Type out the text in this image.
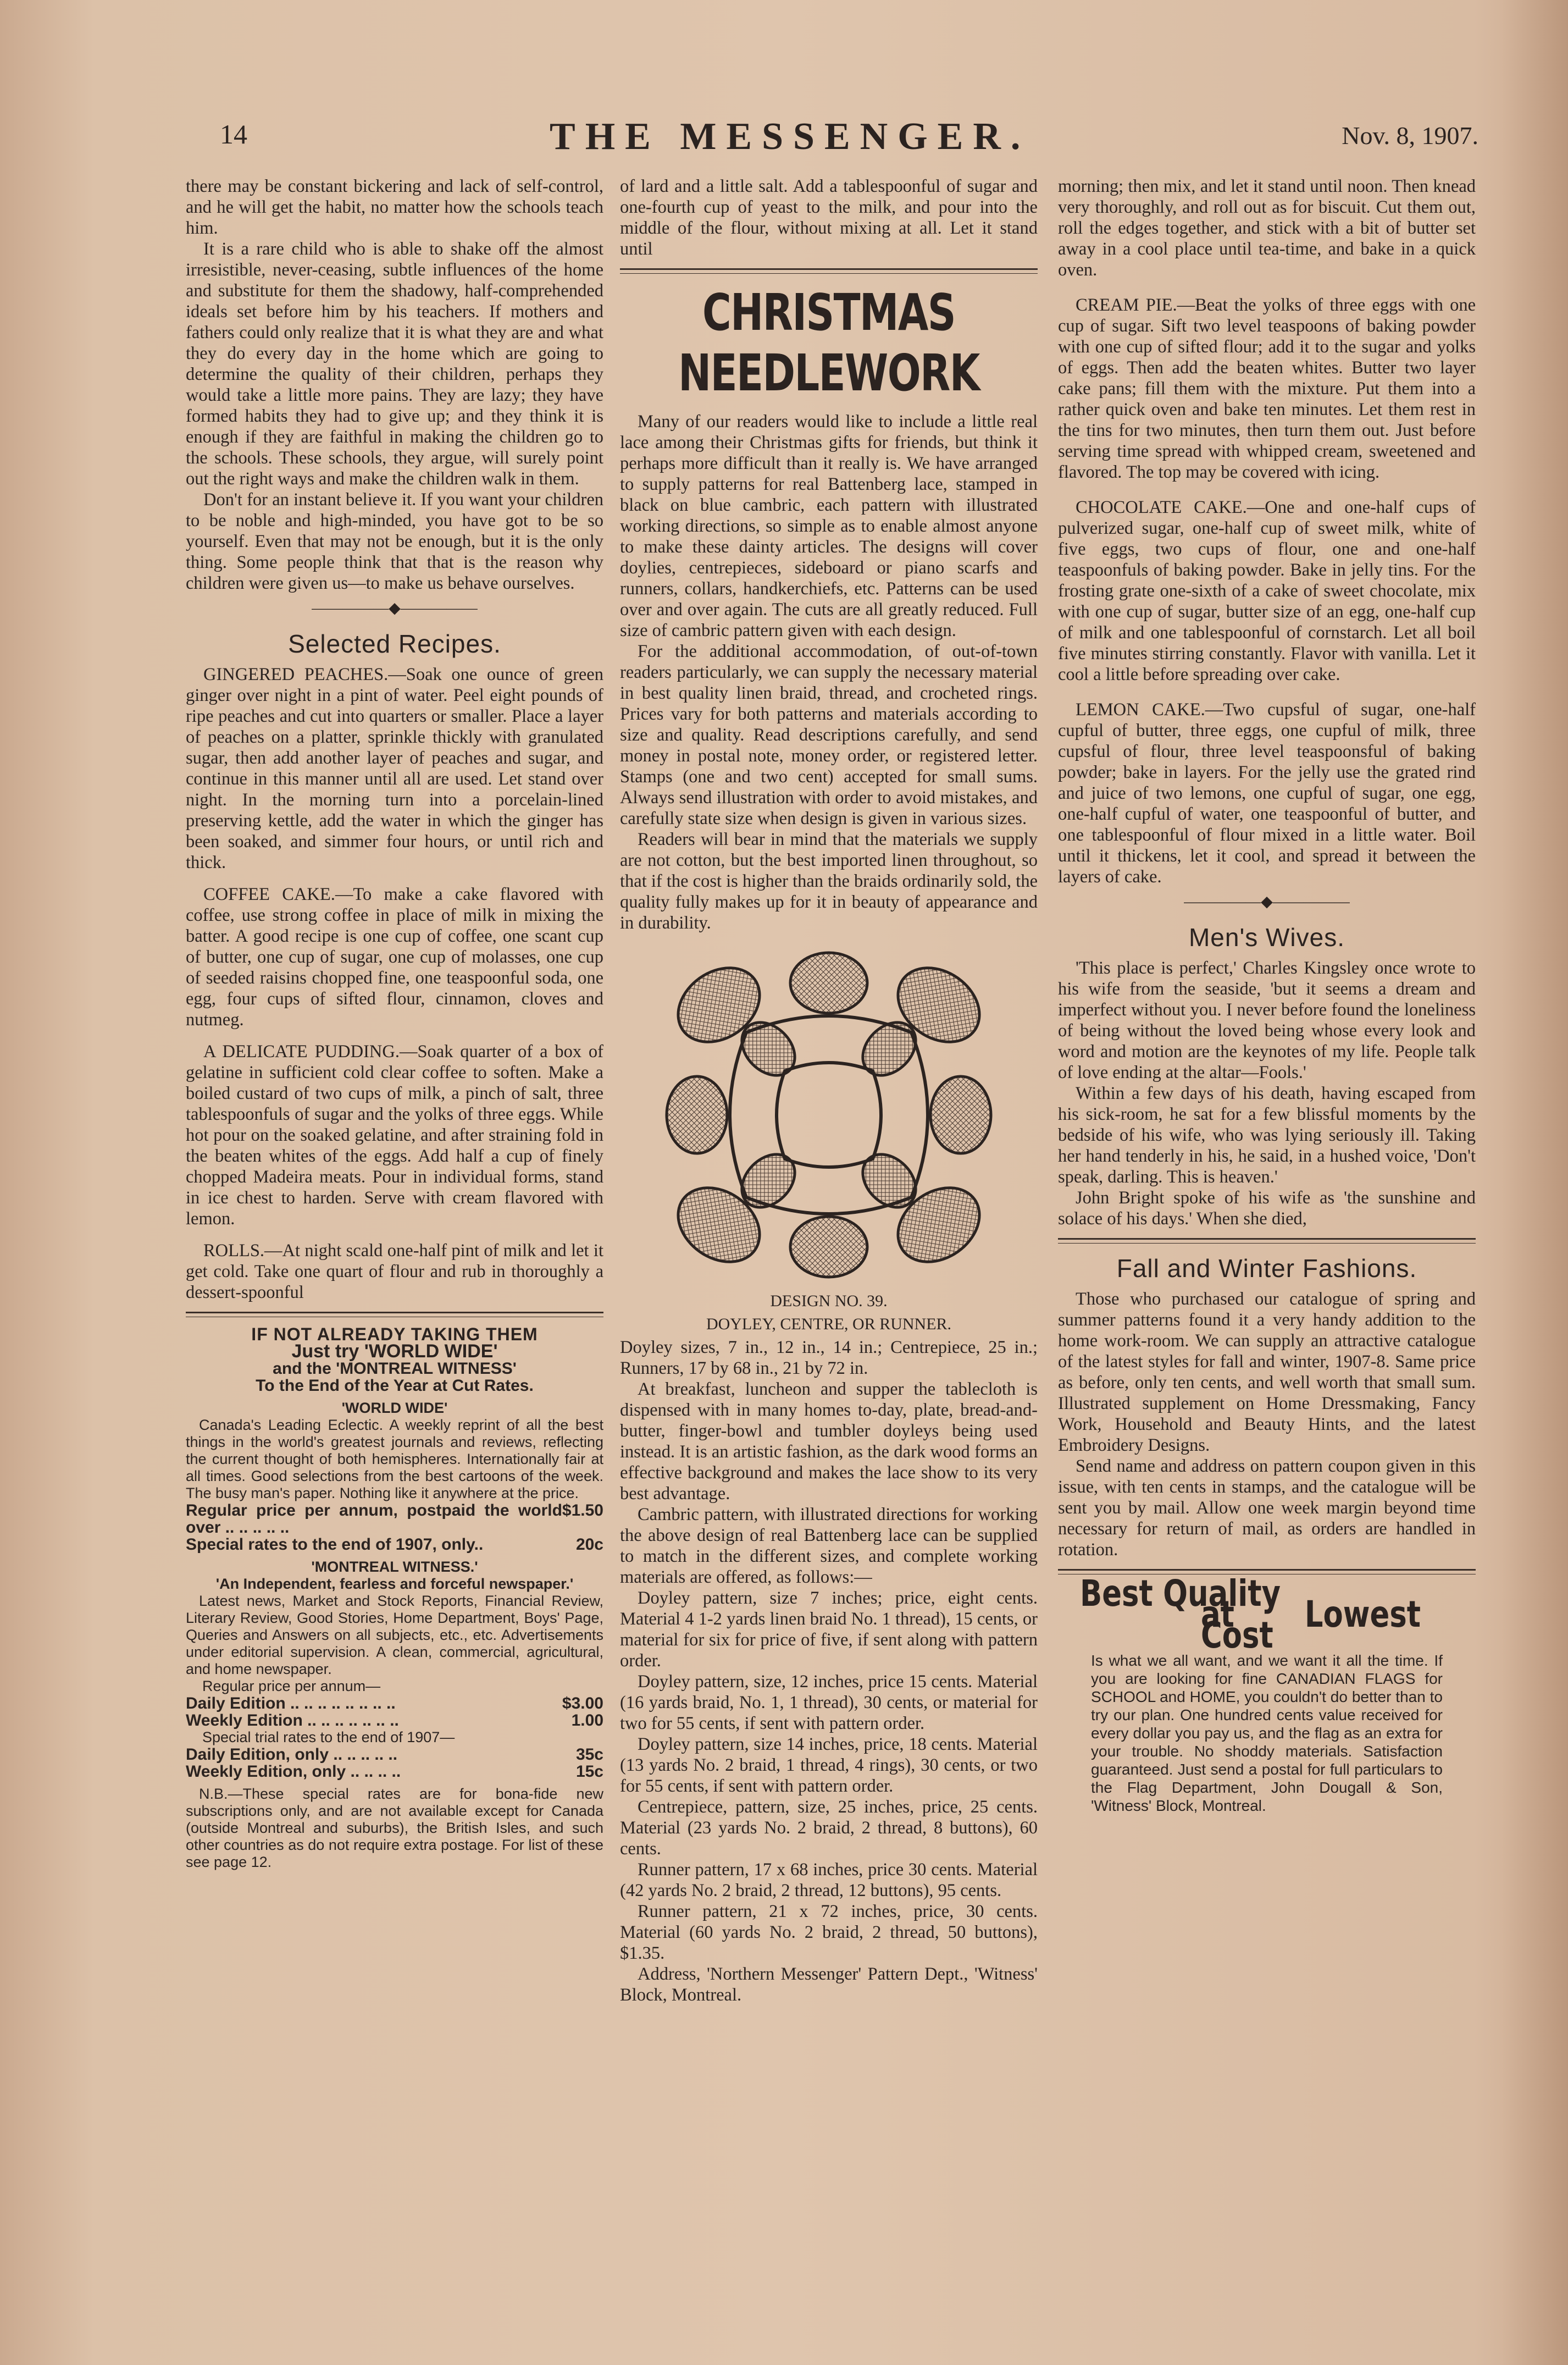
14	THE MESSENGER.	Nov. 8, 1907.

there may be constant bickering and lack of self-control, and he will get the habit, no matter how the schools teach him.

It is a rare child who is able to shake off the almost irresistible, never-ceasing, subtle influences of the home and substitute for them the shadowy, half-comprehended ideals set before him by his teachers. If mothers and fathers could only realize that it is what they are and what they do every day in the home which are going to determine the quality of their children, perhaps they would take a little more pains. They are lazy; they have formed habits they had to give up; and they think it is enough if they are faithful in making the children go to the schools. These schools, they argue, will surely point out the right ways and make the children walk in them.

Don't for an instant believe it. If you want your children to be noble and high-minded, you have got to be so yourself. Even that may not be enough, but it is the only thing. Some people think that that is the reason why children were given us—to make us behave ourselves.

—————◆—————
Selected Recipes.

GINGERED PEACHES.—Soak one ounce of green ginger over night in a pint of water. Peel eight pounds of ripe peaches and cut into quarters or smaller. Place a layer of peaches on a platter, sprinkle thickly with granulated sugar, then add another layer of peaches and sugar, and continue in this manner until all are used. Let stand over night. In the morning turn into a porcelain-lined preserving kettle, add the water in which the ginger has been soaked, and simmer four hours, or until rich and thick.

COFFEE CAKE.—To make a cake flavored with coffee, use strong coffee in place of milk in mixing the batter. A good recipe is one cup of coffee, one scant cup of butter, one cup of sugar, one cup of molasses, one cup of seeded raisins chopped fine, one teaspoonful soda, one egg, four cups of sifted flour, cinnamon, cloves and nutmeg.

A DELICATE PUDDING.—Soak quarter of a box of gelatine in sufficient cold clear coffee to soften. Make a boiled custard of two cups of milk, a pinch of salt, three tablespoonfuls of sugar and the yolks of three eggs. While hot pour on the soaked gelatine, and after straining fold in the beaten whites of the eggs. Add half a cup of finely chopped Madeira meats. Pour in individual forms, stand in ice chest to harden. Serve with cream flavored with lemon.

ROLLS.—At night scald one-half pint of milk and let it get cold. Take one quart of flour and rub in thoroughly a dessert-spoonful

IF NOT ALREADY TAKING THEM
Just try 'WORLD WIDE'
and the 'MONTREAL WITNESS'
To the End of the Year at Cut Rates.
'WORLD WIDE'

Canada's Leading Eclectic. A weekly reprint of all the best things in the world's greatest journals and reviews, reflecting the current thought of both hemispheres. Internationally fair at all times. Good selections from the best cartoons of the week. The busy man's paper. Nothing like it anywhere at the price.

Regular price per annum, postpaid the world over .. .. .. .. ..
$1.50
Special rates to the end of 1907, only..	20c
'MONTREAL WITNESS.'
'An Independent, fearless and forceful newspaper.'

Latest news, Market and Stock Reports, Financial Review, Literary Review, Good Stories, Home Department, Boys' Page, Queries and Answers on all subjects, etc., etc. Advertisements under editorial supervision. A clean, commercial, agricultural, and home newspaper.

Regular price per annum—
Daily Edition .. .. .. .. .. .. .. ..	$3.00
Weekly Edition .. .. .. .. .. .. ..	1.00
Special trial rates to the end of 1907—
Daily Edition, only .. .. .. .. ..	35c
Weekly Edition, only .. .. .. ..	15c

N.B.—These special rates are for bona-fide new subscriptions only, and are not available except for Canada (outside Montreal and suburbs), the British Isles, and such other countries as do not require extra postage. For list of these see page 12.

of lard and a little salt. Add a tablespoonful of sugar and one-fourth cup of yeast to the milk, and pour into the middle of the flour, without mixing at all. Let it stand until

CHRISTMAS NEEDLEWORK

Many of our readers would like to include a little real lace among their Christmas gifts for friends, but think it perhaps more difficult than it really is. We have arranged to supply patterns for real Battenberg lace, stamped in black on blue cambric, each pattern with illustrated working directions, so simple as to enable almost anyone to make these dainty articles. The designs will cover doylies, centrepieces, sideboard or piano scarfs and runners, collars, handkerchiefs, etc. Patterns can be used over and over again. The cuts are all greatly reduced. Full size of cambric pattern given with each design.

For the additional accommodation, of out-of-town readers particularly, we can supply the necessary material in best quality linen braid, thread, and crocheted rings. Prices vary for both patterns and materials according to size and quality. Read descriptions carefully, and send money in postal note, money order, or registered letter. Stamps (one and two cent) accepted for small sums. Always send illustration with order to avoid mistakes, and carefully state size when design is given in various sizes.

Readers will bear in mind that the materials we supply are not cotton, but the best imported linen throughout, so that if the cost is higher than the braids ordinarily sold, the quality fully makes up for it in beauty of appearance and in durability.

DESIGN NO. 39.
DOYLEY, CENTRE, OR RUNNER.

Doyley sizes, 7 in., 12 in., 14 in.; Centrepiece, 25 in.; Runners, 17 by 68 in., 21 by 72 in.

At breakfast, luncheon and supper the tablecloth is dispensed with in many homes to-day, plate, bread-and-butter, finger-bowl and tumbler doyleys being used instead. It is an artistic fashion, as the dark wood forms an effective background and makes the lace show to its very best advantage.

Cambric pattern, with illustrated directions for working the above design of real Battenberg lace can be supplied to match in the different sizes, and complete working materials are offered, as follows:—

Doyley pattern, size 7 inches; price, eight cents. Material 4 1-2 yards linen braid No. 1 thread), 15 cents, or material for six for price of five, if sent along with pattern order.

Doyley pattern, size, 12 inches, price 15 cents. Material (16 yards braid, No. 1, 1 thread), 30 cents, or material for two for 55 cents, if sent with pattern order.

Doyley pattern, size 14 inches, price, 18 cents. Material (13 yards No. 2 braid, 1 thread, 4 rings), 30 cents, or two for 55 cents, if sent with pattern order.

Centrepiece, pattern, size, 25 inches, price, 25 cents. Material (23 yards No. 2 braid, 2 thread, 8 buttons), 60 cents.

Runner pattern, 17 x 68 inches, price 30 cents. Material (42 yards No. 2 braid, 2 thread, 12 buttons), 95 cents.

Runner pattern, 21 x 72 inches, price, 30 cents. Material (60 yards No. 2 braid, 2 thread, 50 buttons), $1.35.

Address, 'Northern Messenger' Pattern Dept., 'Witness' Block, Montreal.

morning; then mix, and let it stand until noon. Then knead very thoroughly, and roll out as for biscuit. Cut them out, roll the edges together, and stick with a bit of butter set away in a cool place until tea-time, and bake in a quick oven.

CREAM PIE.—Beat the yolks of three eggs with one cup of sugar. Sift two level teaspoons of baking powder with one cup of sifted flour; add it to the sugar and yolks of eggs. Then add the beaten whites. Butter two layer cake pans; fill them with the mixture. Put them into a rather quick oven and bake ten minutes. Let them rest in the tins for two minutes, then turn them out. Just before serving time spread with whipped cream, sweetened and flavored. The top may be covered with icing.

CHOCOLATE CAKE.—One and one-half cups of pulverized sugar, one-half cup of sweet milk, white of five eggs, two cups of flour, one and one-half teaspoonfuls of baking powder. Bake in jelly tins. For the frosting grate one-sixth of a cake of sweet chocolate, mix with one cup of sugar, butter size of an egg, one-half cup of milk and one tablespoonful of cornstarch. Let all boil five minutes stirring constantly. Flavor with vanilla. Let it cool a little before spreading over cake.

LEMON CAKE.—Two cupsful of sugar, one-half cupful of butter, three eggs, one cupful of milk, three cupsful of flour, three level teaspoonsful of baking powder; bake in layers. For the jelly use the grated rind and juice of two lemons, one cupful of sugar, one egg, one-half cupful of water, one teaspoonful of butter, and one tablespoonful of flour mixed in a little water. Boil until it thickens, let it cool, and spread it between the layers of cake.

—————◆—————
Men's Wives.

'This place is perfect,' Charles Kingsley once wrote to his wife from the seaside, 'but it seems a dream and imperfect without you. I never before found the loneliness of being without the loved being whose every look and word and motion are the keynotes of my life. People talk of love ending at the altar—Fools.'

Within a few days of his death, having escaped from his sick-room, he sat for a few blissful moments by the bedside of his wife, who was lying seriously ill. Taking her hand tenderly in his, he said, in a hushed voice, 'Don't speak, darling. This is heaven.'

John Bright spoke of his wife as 'the sunshine and solace of his days.' When she died,

Fall and Winter Fashions.

Those who purchased our catalogue of spring and summer patterns found it a very handy addition to the home work-room. We can supply an attractive catalogue of the latest styles for fall and winter, 1907-8. Same price as before, only ten cents, and well worth that small sum. Illustrated supplement on Home Dressmaking, Fancy Work, Household and Beauty Hints, and the latest Embroidery Designs.

Send name and address on pattern coupon given in this issue, with ten cents in stamps, and the catalogue will be sent you by mail. Allow one week margin beyond time necessary for return of mail, as orders are handled in rotation.

Best Quality
at Lowest Cost
Is what we all want, and we want it all the time. If you are looking for fine CANADIAN FLAGS for SCHOOL and HOME, you couldn't do better than to try our plan. One hundred cents value received for every dollar you pay us, and the flag as an extra for your trouble. No shoddy materials. Satisfaction guaranteed. Just send a postal for full particulars to the Flag Department, John Dougall & Son, 'Witness' Block, Montreal.
